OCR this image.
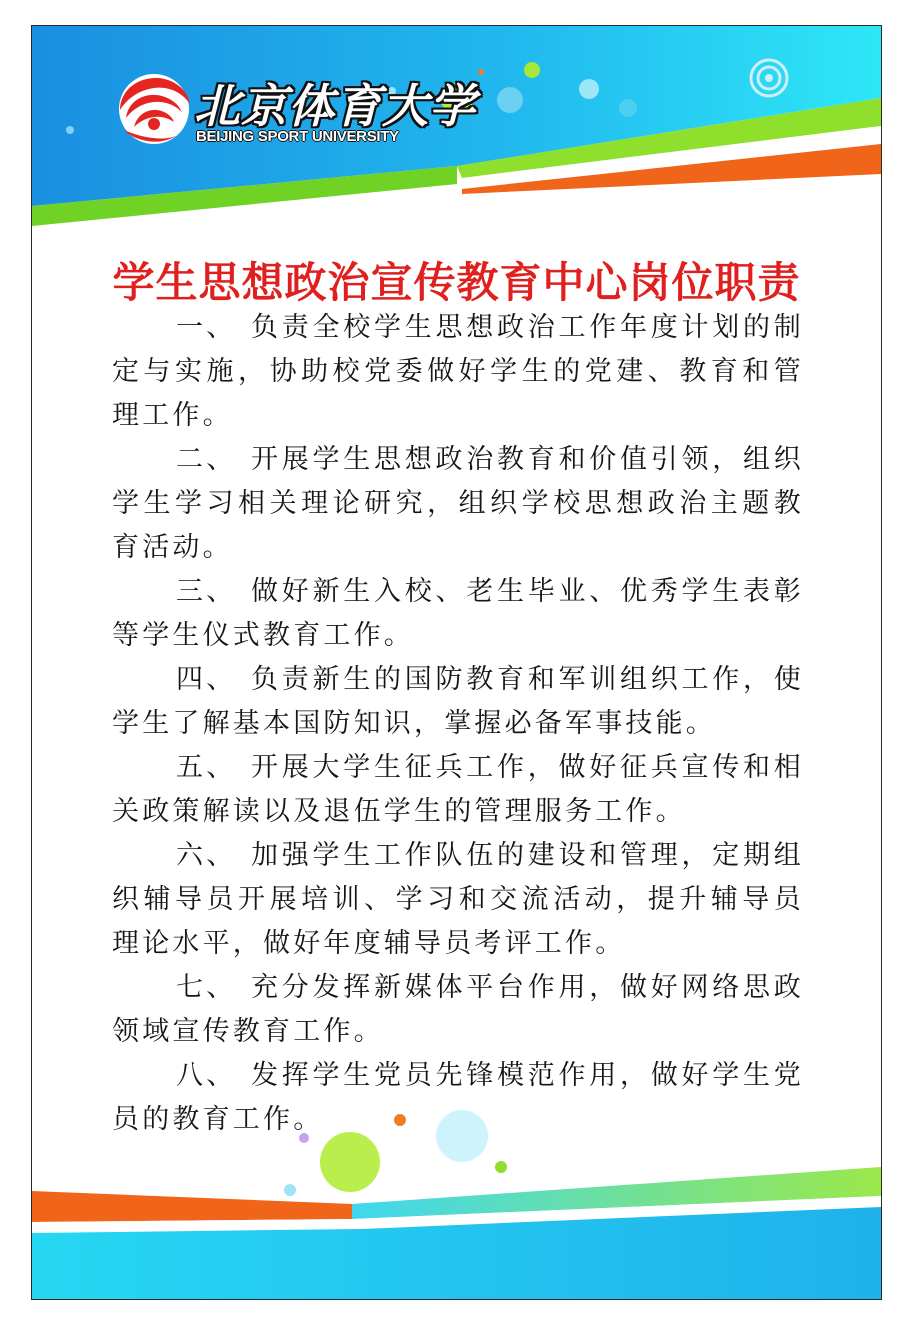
北京体育大学
BEIJING SPORT UNIVERSITY
学生思想政治宣传教育中心岗位职责

一、 负责全校学生思想政治工作年度计划的制定与实施，协助校党委做好学生的党建、教育和管理工作。

二、 开展学生思想政治教育和价值引领，组织学生学习相关理论研究，组织学校思想政治主题教育活动。

三、 做好新生入校、老生毕业、优秀学生表彰等学生仪式教育工作。

四、 负责新生的国防教育和军训组织工作，使学生了解基本国防知识，掌握必备军事技能。

五、 开展大学生征兵工作，做好征兵宣传和相关政策解读以及退伍学生的管理服务工作。

六、 加强学生工作队伍的建设和管理，定期组织辅导员开展培训、学习和交流活动，提升辅导员理论水平，做好年度辅导员考评工作。

七、 充分发挥新媒体平台作用，做好网络思政领域宣传教育工作。

八、 发挥学生党员先锋模范作用，做好学生党员的教育工作。
